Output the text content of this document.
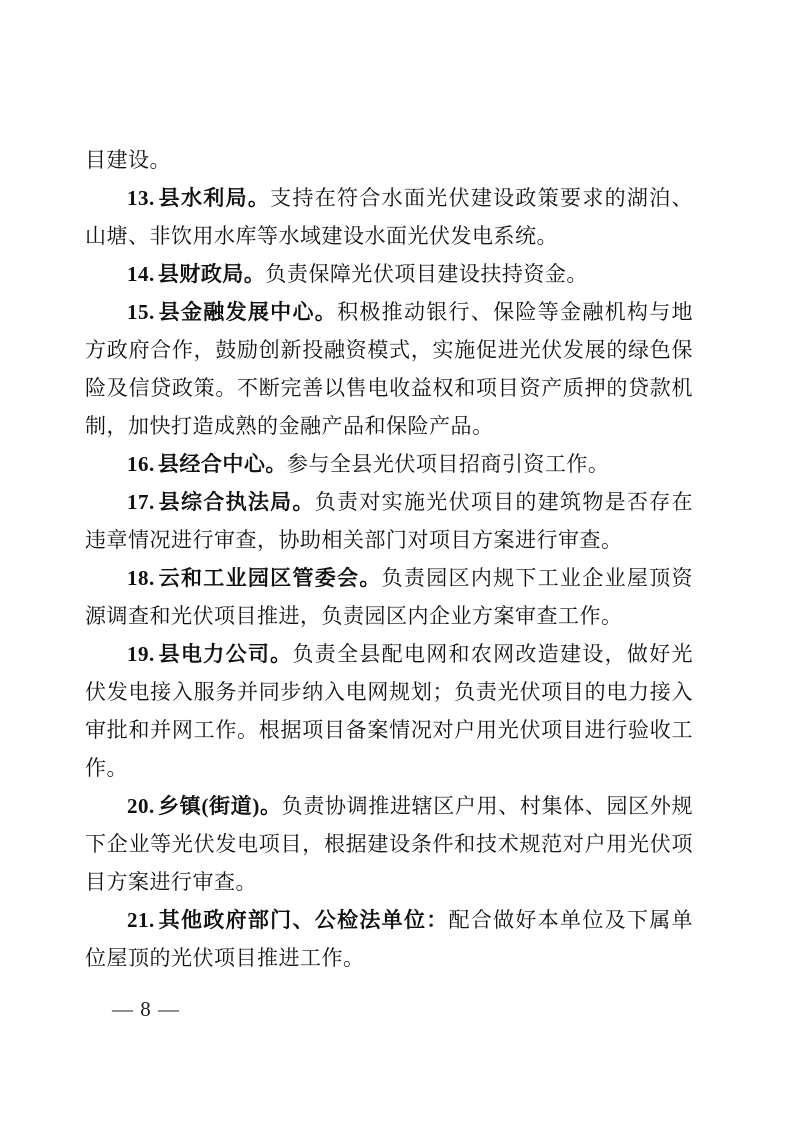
目建设。

13. 县水利局。支持在符合水面光伏建设政策要求的湖泊、山塘、非饮用水库等水域建设水面光伏发电系统。

14. 县财政局。负责保障光伏项目建设扶持资金。

15. 县金融发展中心。积极推动银行、保险等金融机构与地方政府合作，鼓励创新投融资模式，实施促进光伏发展的绿色保险及信贷政策。不断完善以售电收益权和项目资产质押的贷款机制，加快打造成熟的金融产品和保险产品。

16. 县经合中心。参与全县光伏项目招商引资工作。

17. 县综合执法局。负责对实施光伏项目的建筑物是否存在违章情况进行审查，协助相关部门对项目方案进行审查。

18. 云和工业园区管委会。负责园区内规下工业企业屋顶资源调查和光伏项目推进，负责园区内企业方案审查工作。

19. 县电力公司。负责全县配电网和农网改造建设，做好光伏发电接入服务并同步纳入电网规划；负责光伏项目的电力接入审批和并网工作。根据项目备案情况对户用光伏项目进行验收工作。

20. 乡镇(街道)。负责协调推进辖区户用、村集体、园区外规下企业等光伏发电项目，根据建设条件和技术规范对户用光伏项目方案进行审查。

21. 其他政府部门、公检法单位：配合做好本单位及下属单位屋顶的光伏项目推进工作。

— 8 —
